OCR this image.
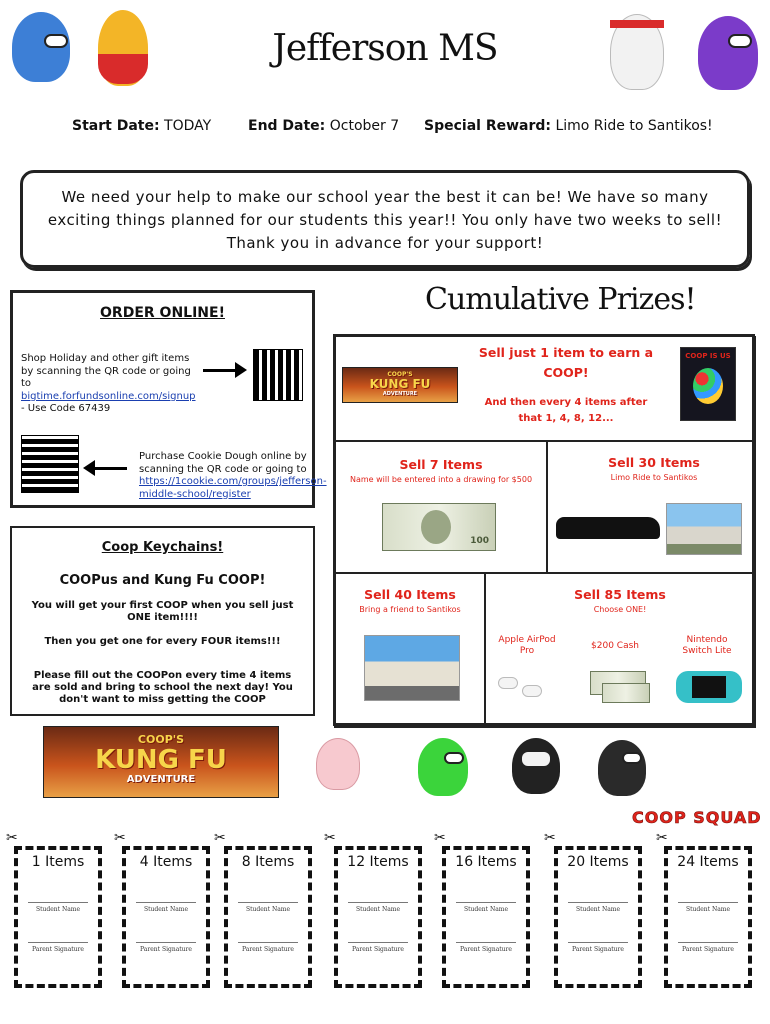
Jefferson MS
Start Date: TODAY	End Date: October 7 Special Reward: Limo Ride to Santikos!
We need your help to make our school year the best it can be! We have so many
exciting things planned for our students this year!! You only have two weeks to sell!
Thank you in advance for your support!
ORDER ONLINE!

Shop Holiday and other gift items by scanning the QR code or going to bigtime.forfundsonline.com/signup - Use Code 67439

Purchase Cookie Dough online by scanning the QR code or going to https://1cookie.com/groups/jefferson-middle-school/register

Coop Keychains!
COOPus and Kung Fu COOP!
You will get your first COOP when you sell just ONE item!!!!
Then you get one for every FOUR items!!!
Please fill out the COOPon every time 4 items are sold and bring to school the next day! You don't want to miss getting the COOP
Cumulative Prizes!
COOP'S
KUNG FU
ADVENTURE
Sell just 1 item to earn a COOP!
And then every 4 items after that 1, 4, 8, 12...
COOP IS US
Sell 7 Items
Name will be entered into a drawing for $500
100
Sell 30 Items
Limo Ride to Santikos
Sell 40 Items
Bring a friend to Santikos
Sell 85 Items
Choose ONE!
Apple AirPod Pro	$200 Cash
Nintendo Switch Lite
COOP'S
KUNG FU
ADVENTURE
COOP SQUAD
✂
1 Items
Student Name
Parent Signature
✂
4 Items
Student Name
Parent Signature
✂
8 Items
Student Name
Parent Signature
✂
12 Items
Student Name
Parent Signature
✂
16 Items
Student Name
Parent Signature
✂
20 Items
Student Name
Parent Signature
✂
24 Items
Student Name
Parent Signature
